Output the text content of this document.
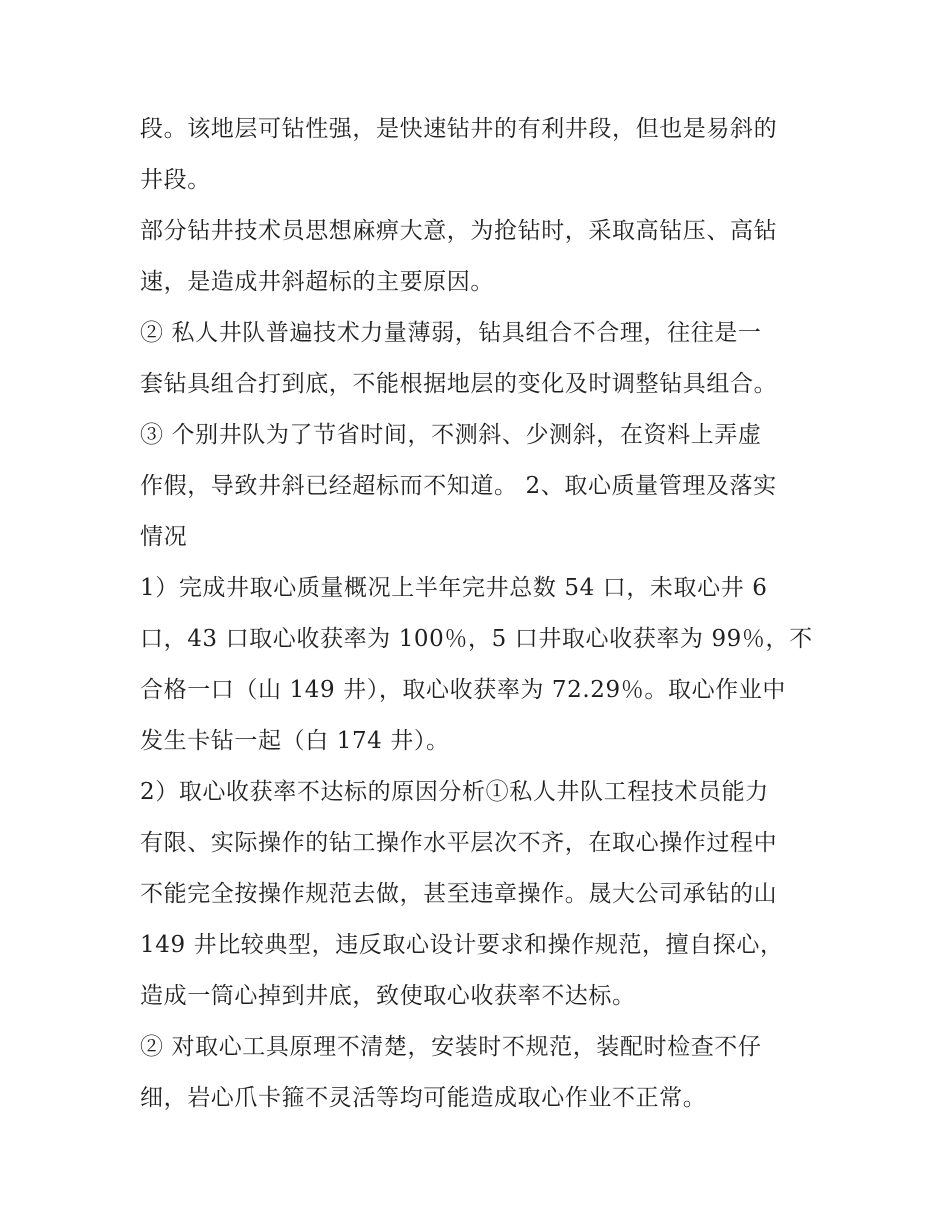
段。该地层可钻性强，是快速钻井的有利井段，但也是易斜的
井段。
部分钻井技术员思想麻痹大意，为抢钻时，采取高钻压、高钻
速，是造成井斜超标的主要原因。
② 私人井队普遍技术力量薄弱，钻具组合不合理，往往是一
套钻具组合打到底，不能根据地层的变化及时调整钻具组合。
③ 个别井队为了节省时间，不测斜、少测斜，在资料上弄虚
作假，导致井斜已经超标而不知道。 2、取心质量管理及落实
情况
1）完成井取心质量概况上半年完井总数 54 口，未取心井 6
口，43 口取心收获率为 100％，5 口井取心收获率为 99％，不
合格一口（山 149 井），取心收获率为 72.29％。取心作业中
发生卡钻一起（白 174 井）。
2）取心收获率不达标的原因分析①私人井队工程技术员能力
有限、实际操作的钻工操作水平层次不齐，在取心操作过程中
不能完全按操作规范去做，甚至违章操作。晟大公司承钻的山
149 井比较典型，违反取心设计要求和操作规范，擅自探心，
造成一筒心掉到井底，致使取心收获率不达标。
② 对取心工具原理不清楚，安装时不规范，装配时检查不仔
细，岩心爪卡箍不灵活等均可能造成取心作业不正常。
